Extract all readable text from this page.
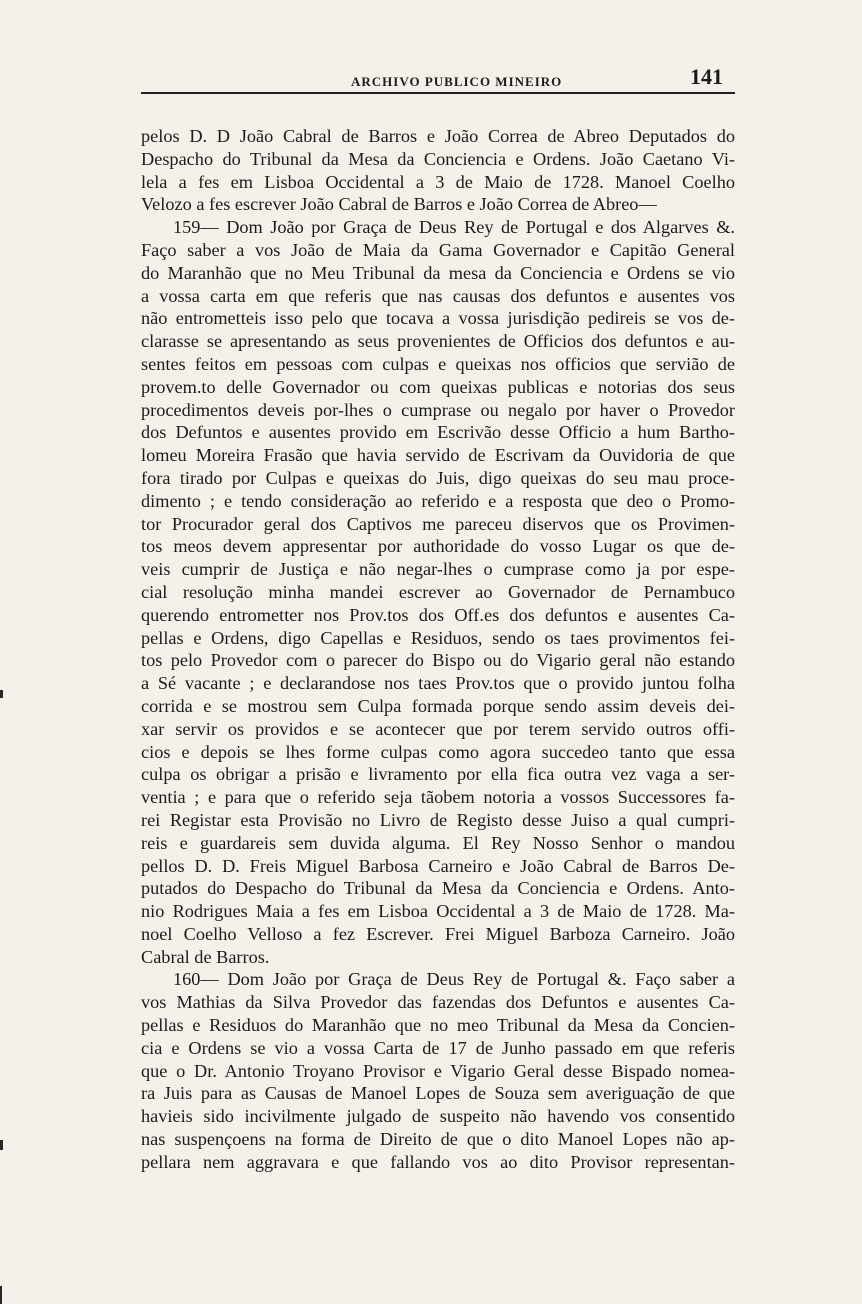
ARCHIVO PUBLICO MINEIRO	141
pelos D. D João Cabral de Barros e João Correa de Abreo Deputados do
Despacho do Tribunal da Mesa da Conciencia e Ordens. João Caetano Vi-
lela a fes em Lisboa Occidental a 3 de Maio de 1728. Manoel Coelho
Velozo a fes escrever João Cabral de Barros e João Correa de Abreo—
159— Dom João por Graça de Deus Rey de Portugal e dos Algarves &.
Faço saber a vos João de Maia da Gama Governador e Capitão General
do Maranhão que no Meu Tribunal da mesa da Conciencia e Ordens se vio
a vossa carta em que referis que nas causas dos defuntos e ausentes vos
não entrometteis isso pelo que tocava a vossa jurisdição pedireis se vos de-
clarasse se apresentando as seus provenientes de Officios dos defuntos e au-
sentes feitos em pessoas com culpas e queixas nos officios que servião de
provem.to delle Governador ou com queixas publicas e notorias dos seus
procedimentos deveis por-lhes o cumprase ou negalo por haver o Provedor
dos Defuntos e ausentes provido em Escrivão desse Officio a hum Bartho-
lomeu Moreira Frasão que havia servido de Escrivam da Ouvidoria de que
fora tirado por Culpas e queixas do Juis, digo queixas do seu mau proce-
dimento ; e tendo consideração ao referido e a resposta que deo o Promo-
tor Procurador geral dos Captivos me pareceu diservos que os Provimen-
tos meos devem appresentar por authoridade do vosso Lugar os que de-
veis cumprir de Justiça e não negar-lhes o cumprase como ja por espe-
cial resolução minha mandei escrever ao Governador de Pernambuco
querendo entrometter nos Prov.tos dos Off.es dos defuntos e ausentes Ca-
pellas e Ordens, digo Capellas e Residuos, sendo os taes provimentos fei-
tos pelo Provedor com o parecer do Bispo ou do Vigario geral não estando
a Sé vacante ; e declarandose nos taes Prov.tos que o provido juntou folha
corrida e se mostrou sem Culpa formada porque sendo assim deveis dei-
xar servir os providos e se acontecer que por terem servido outros offi-
cios e depois se lhes forme culpas como agora succedeo tanto que essa
culpa os obrigar a prisão e livramento por ella fica outra vez vaga a ser-
ventia ; e para que o referido seja tãobem notoria a vossos Successores fa-
rei Registar esta Provisão no Livro de Registo desse Juiso a qual cumpri-
reis e guardareis sem duvida alguma. El Rey Nosso Senhor o mandou
pellos D. D. Freis Miguel Barbosa Carneiro e João Cabral de Barros De-
putados do Despacho do Tribunal da Mesa da Conciencia e Ordens. Anto-
nio Rodrigues Maia a fes em Lisboa Occidental a 3 de Maio de 1728. Ma-
noel Coelho Velloso a fez Escrever. Frei Miguel Barboza Carneiro. João
Cabral de Barros.
160— Dom João por Graça de Deus Rey de Portugal &. Faço saber a
vos Mathias da Silva Provedor das fazendas dos Defuntos e ausentes Ca-
pellas e Residuos do Maranhão que no meo Tribunal da Mesa da Concien-
cia e Ordens se vio a vossa Carta de 17 de Junho passado em que referis
que o Dr. Antonio Troyano Provisor e Vigario Geral desse Bispado nomea-
ra Juis para as Causas de Manoel Lopes de Souza sem averiguação de que
havieis sido incivilmente julgado de suspeito não havendo vos consentido
nas suspençoens na forma de Direito de que o dito Manoel Lopes não ap-
pellara nem aggravara e que fallando vos ao dito Provisor representan-
